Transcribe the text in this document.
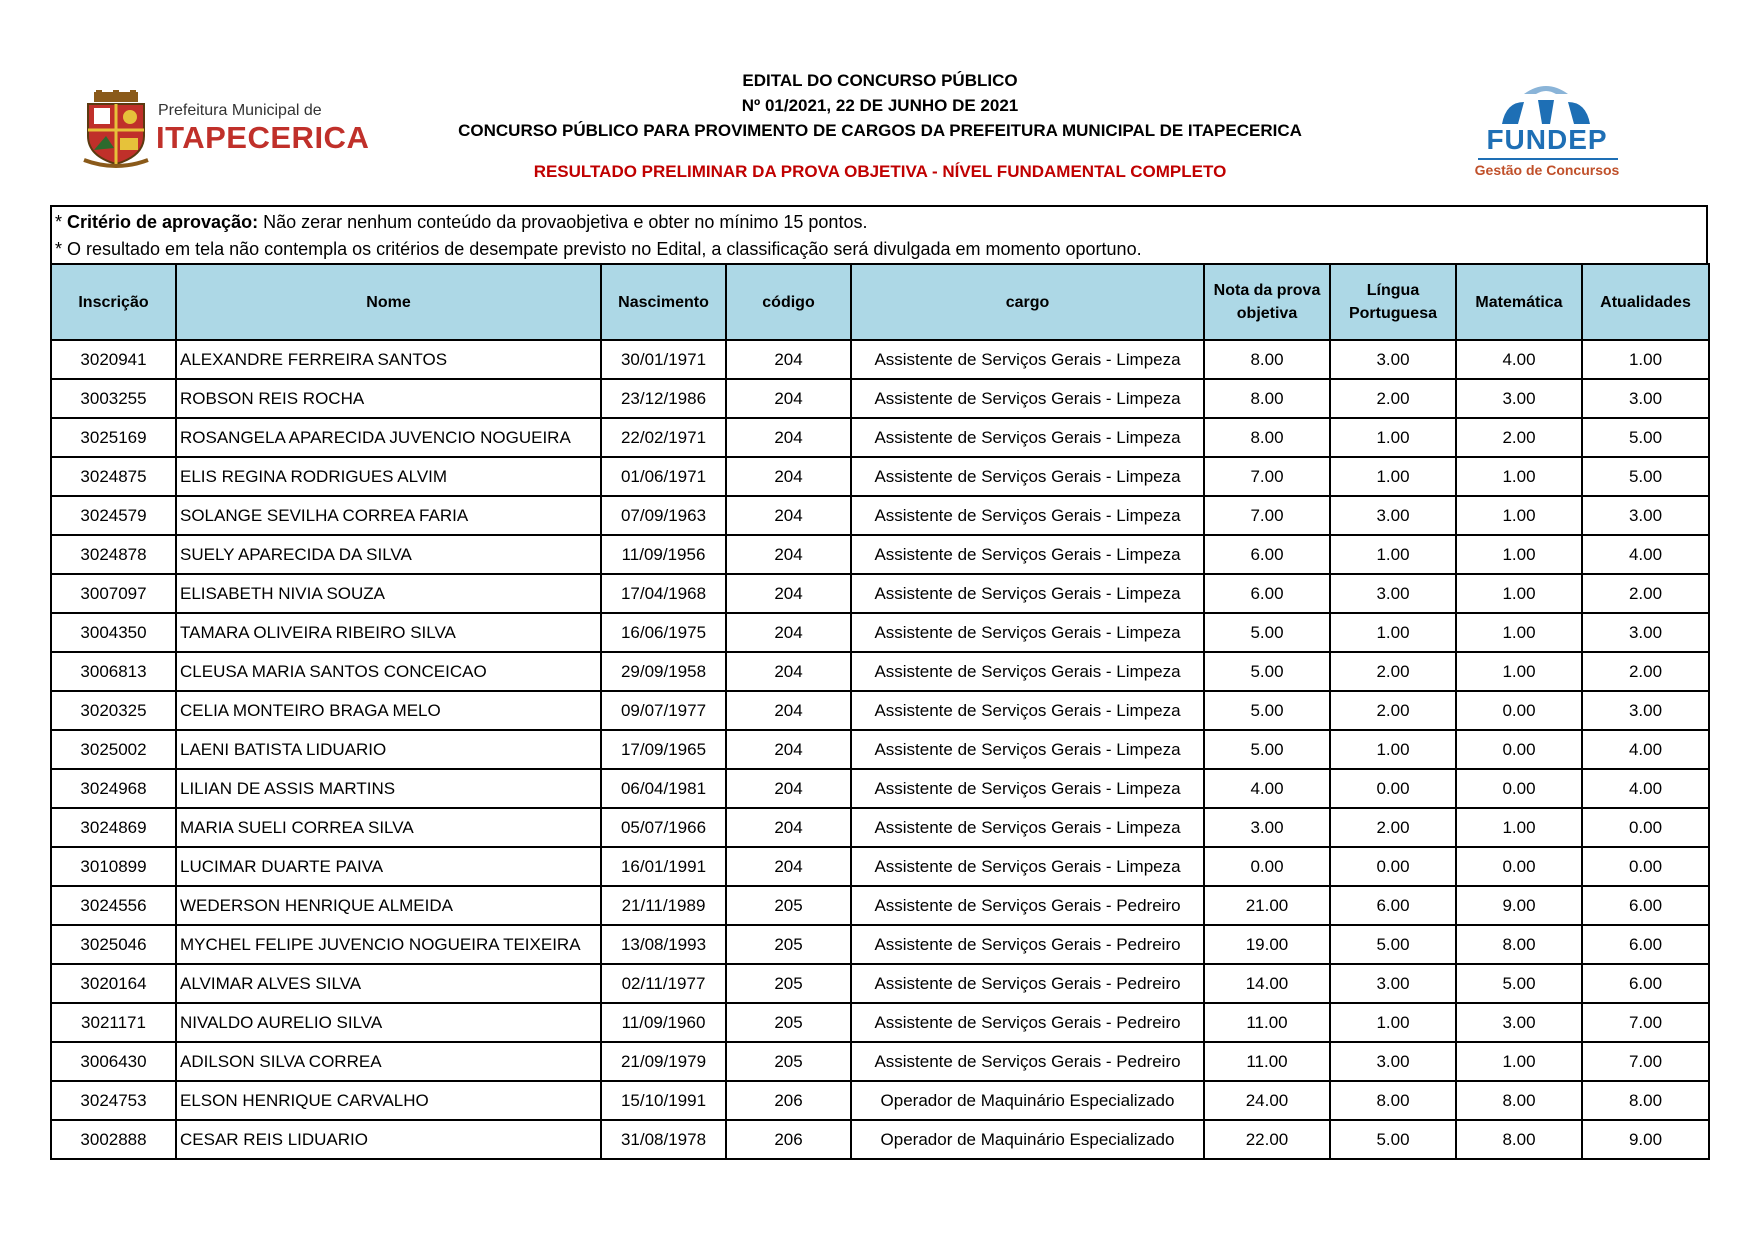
Prefeitura Municipal de
ITAPECERICA
EDITAL DO CONCURSO PÚBLICO
Nº 01/2021, 22 DE JUNHO DE 2021
CONCURSO PÚBLICO PARA PROVIMENTO DE CARGOS DA PREFEITURA MUNICIPAL DE ITAPECERICA
RESULTADO PRELIMINAR DA PROVA OBJETIVA - NÍVEL FUNDAMENTAL COMPLETO
FUNDEP
Gestão de Concursos
* Critério de aprovação: Não zerar nenhum conteúdo da provaobjetiva e obter no mínimo 15 pontos.
* O resultado em tela não contempla os critérios de desempate previsto no Edital, a classificação será divulgada em momento oportuno.
Inscrição	Nome	Nascimento	código	cargo	Nota da prova objetiva	Língua Portuguesa	Matemática	Atualidades
3020941	ALEXANDRE FERREIRA SANTOS	30/01/1971	204	Assistente de Serviços Gerais - Limpeza	8.00	3.00	4.00	1.00
3003255	ROBSON REIS ROCHA	23/12/1986	204	Assistente de Serviços Gerais - Limpeza	8.00	2.00	3.00	3.00
3025169	ROSANGELA APARECIDA JUVENCIO NOGUEIRA	22/02/1971	204	Assistente de Serviços Gerais - Limpeza	8.00	1.00	2.00	5.00
3024875	ELIS REGINA RODRIGUES ALVIM	01/06/1971	204	Assistente de Serviços Gerais - Limpeza	7.00	1.00	1.00	5.00
3024579	SOLANGE SEVILHA CORREA FARIA	07/09/1963	204	Assistente de Serviços Gerais - Limpeza	7.00	3.00	1.00	3.00
3024878	SUELY APARECIDA DA SILVA	11/09/1956	204	Assistente de Serviços Gerais - Limpeza	6.00	1.00	1.00	4.00
3007097	ELISABETH NIVIA SOUZA	17/04/1968	204	Assistente de Serviços Gerais - Limpeza	6.00	3.00	1.00	2.00
3004350	TAMARA OLIVEIRA RIBEIRO SILVA	16/06/1975	204	Assistente de Serviços Gerais - Limpeza	5.00	1.00	1.00	3.00
3006813	CLEUSA MARIA SANTOS CONCEICAO	29/09/1958	204	Assistente de Serviços Gerais - Limpeza	5.00	2.00	1.00	2.00
3020325	CELIA MONTEIRO BRAGA MELO	09/07/1977	204	Assistente de Serviços Gerais - Limpeza	5.00	2.00	0.00	3.00
3025002	LAENI BATISTA LIDUARIO	17/09/1965	204	Assistente de Serviços Gerais - Limpeza	5.00	1.00	0.00	4.00
3024968	LILIAN DE ASSIS MARTINS	06/04/1981	204	Assistente de Serviços Gerais - Limpeza	4.00	0.00	0.00	4.00
3024869	MARIA SUELI CORREA SILVA	05/07/1966	204	Assistente de Serviços Gerais - Limpeza	3.00	2.00	1.00	0.00
3010899	LUCIMAR DUARTE PAIVA	16/01/1991	204	Assistente de Serviços Gerais - Limpeza	0.00	0.00	0.00	0.00
3024556	WEDERSON HENRIQUE ALMEIDA	21/11/1989	205	Assistente de Serviços Gerais - Pedreiro	21.00	6.00	9.00	6.00
3025046	MYCHEL FELIPE JUVENCIO NOGUEIRA TEIXEIRA	13/08/1993	205	Assistente de Serviços Gerais - Pedreiro	19.00	5.00	8.00	6.00
3020164	ALVIMAR ALVES SILVA	02/11/1977	205	Assistente de Serviços Gerais - Pedreiro	14.00	3.00	5.00	6.00
3021171	NIVALDO AURELIO SILVA	11/09/1960	205	Assistente de Serviços Gerais - Pedreiro	11.00	1.00	3.00	7.00
3006430	ADILSON SILVA CORREA	21/09/1979	205	Assistente de Serviços Gerais - Pedreiro	11.00	3.00	1.00	7.00
3024753	ELSON HENRIQUE CARVALHO	15/10/1991	206	Operador de Maquinário Especializado	24.00	8.00	8.00	8.00
3002888	CESAR REIS LIDUARIO	31/08/1978	206	Operador de Maquinário Especializado	22.00	5.00	8.00	9.00
